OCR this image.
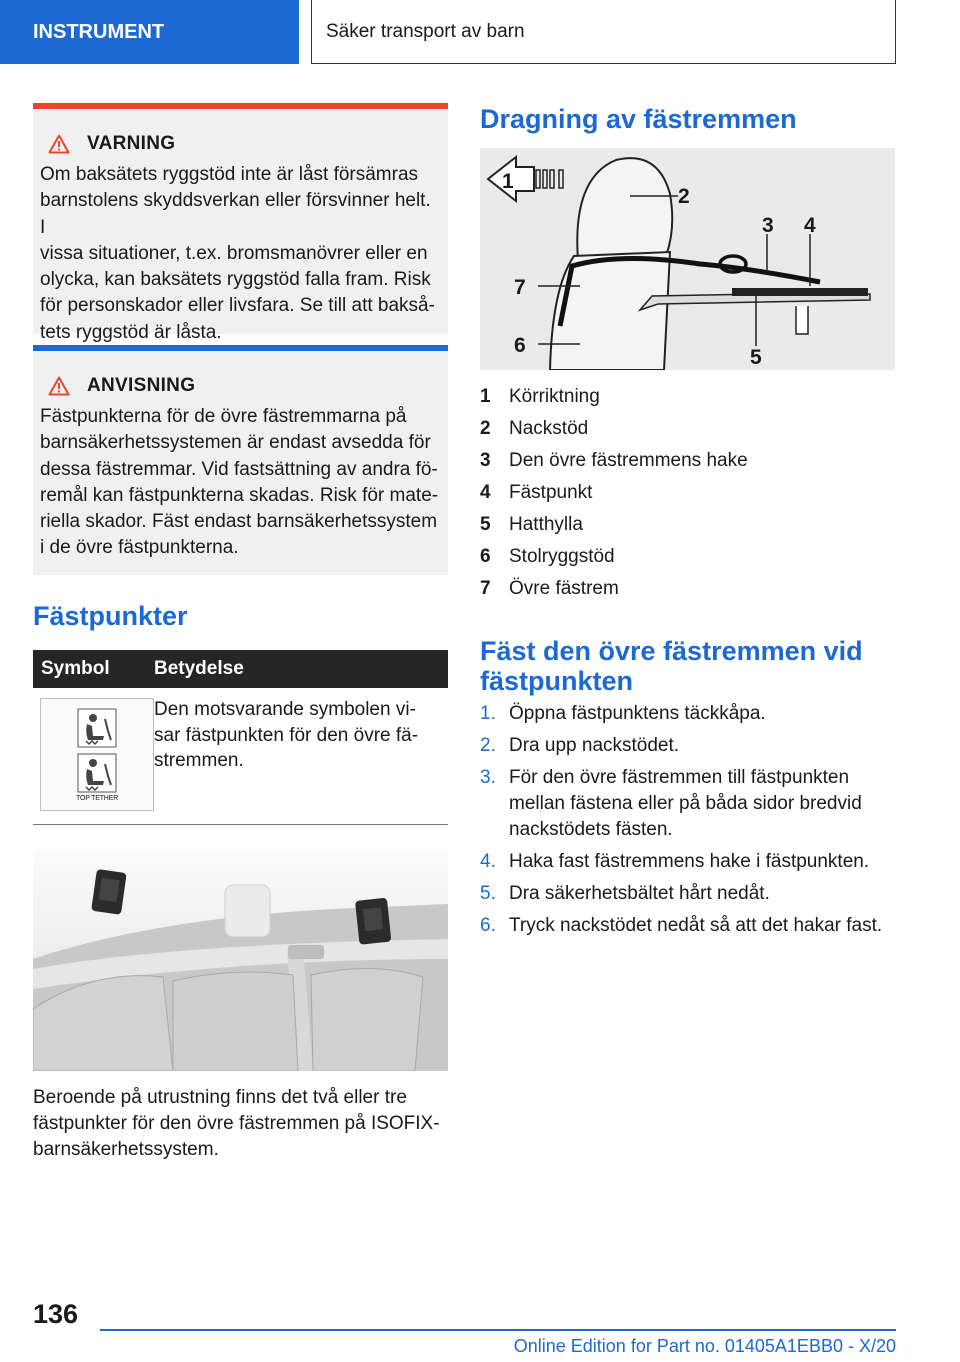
INSTRUMENT	Säker transport av barn
VARNING
Om baksätets ryggstöd inte är låst försämras
barnstolens skyddsverkan eller försvinner helt. I
vissa situationer, t.ex. bromsmanövrer eller en
olycka, kan baksätets ryggstöd falla fram. Risk
för personskador eller livsfara. Se till att bakså-
tets ryggstöd är låsta.
ANVISNING
Fästpunkterna för de övre fästremmarna på
barnsäkerhetssystemen är endast avsedda för
dessa fästremmar. Vid fastsättning av andra fö-
remål kan fästpunkterna skadas. Risk för mate-
riella skador. Fäst endast barnsäkerhetssystem
i de övre fästpunkterna.
Fästpunkter
Symbol	Betydelse
TOP TETHER
Den motsvarande symbolen vi-
sar fästpunkten för den övre fä-
stremmen.
Beroende på utrustning finns det två eller tre
fästpunkter för den övre fästremmen på ISOFIX-
barnsäkerhetssystem.
Dragning av fästremmen
1
2
3 4
5
6
7
1 Körriktning
2 Nackstöd
3 Den övre fästremmens hake
4 Fästpunkt
5 Hatthylla
6 Stolryggstöd
7 Övre fästrem
Fäst den övre fästremmen vid
fästpunkten
1. Öppna fästpunktens täckkåpa.
2. Dra upp nackstödet.
3. För den övre fästremmen till fästpunkten
mellan fästena eller på båda sidor bredvid
nackstödets fästen.
4. Haka fast fästremmens hake i fästpunkten.
5. Dra säkerhetsbältet hårt nedåt.
6. Tryck nackstödet nedåt så att det hakar fast.
136
Online Edition for Part no. 01405A1EBB0 - X/20
